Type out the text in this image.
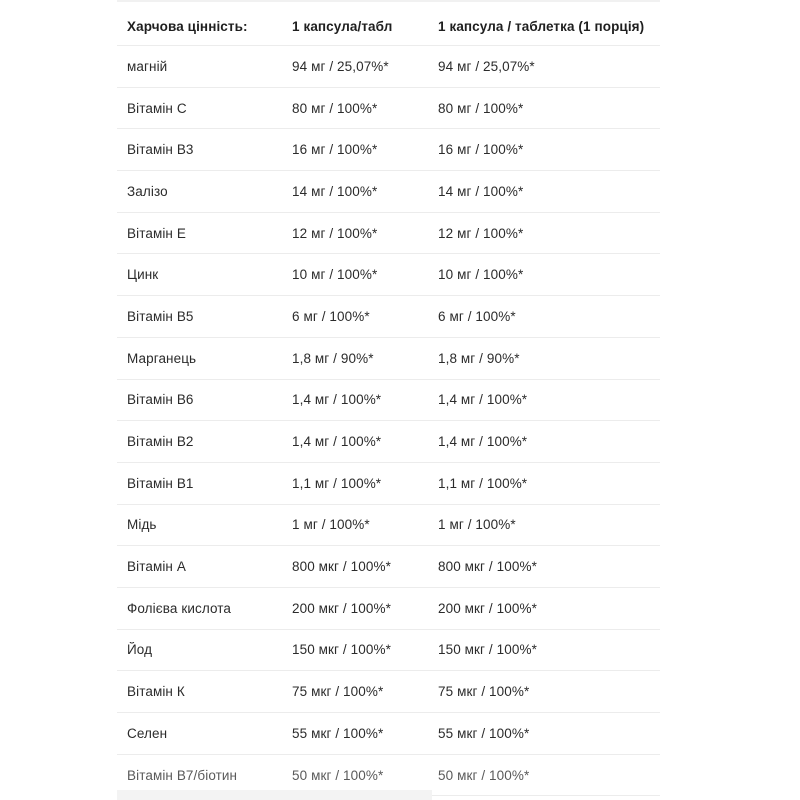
Харчова цінність:	1 капсула/табл	1 капсула / таблетка (1 порція)
магній	94 мг / 25,07%*	94 мг / 25,07%*
Вітамін С	80 мг / 100%*	80 мг / 100%*
Вітамін В3	16 мг / 100%*	16 мг / 100%*
Залізо	14 мг / 100%*	14 мг / 100%*
Вітамін Е	12 мг / 100%*	12 мг / 100%*
Цинк	10 мг / 100%*	10 мг / 100%*
Вітамін В5	6 мг / 100%*	6 мг / 100%*
Марганець	1,8 мг / 90%*	1,8 мг / 90%*
Вітамін В6	1,4 мг / 100%*	1,4 мг / 100%*
Вітамін В2	1,4 мг / 100%*	1,4 мг / 100%*
Вітамін В1	1,1 мг / 100%*	1,1 мг / 100%*
Мідь	1 мг / 100%*	1 мг / 100%*
Вітамін А	800 мкг / 100%*	800 мкг / 100%*
Фолієва кислота	200 мкг / 100%*	200 мкг / 100%*
Йод	150 мкг / 100%*	150 мкг / 100%*
Вітамін К	75 мкг / 100%*	75 мкг / 100%*
Селен	55 мкг / 100%*	55 мкг / 100%*
Вітамін В7/біотин	50 мкг / 100%*	50 мкг / 100%*
